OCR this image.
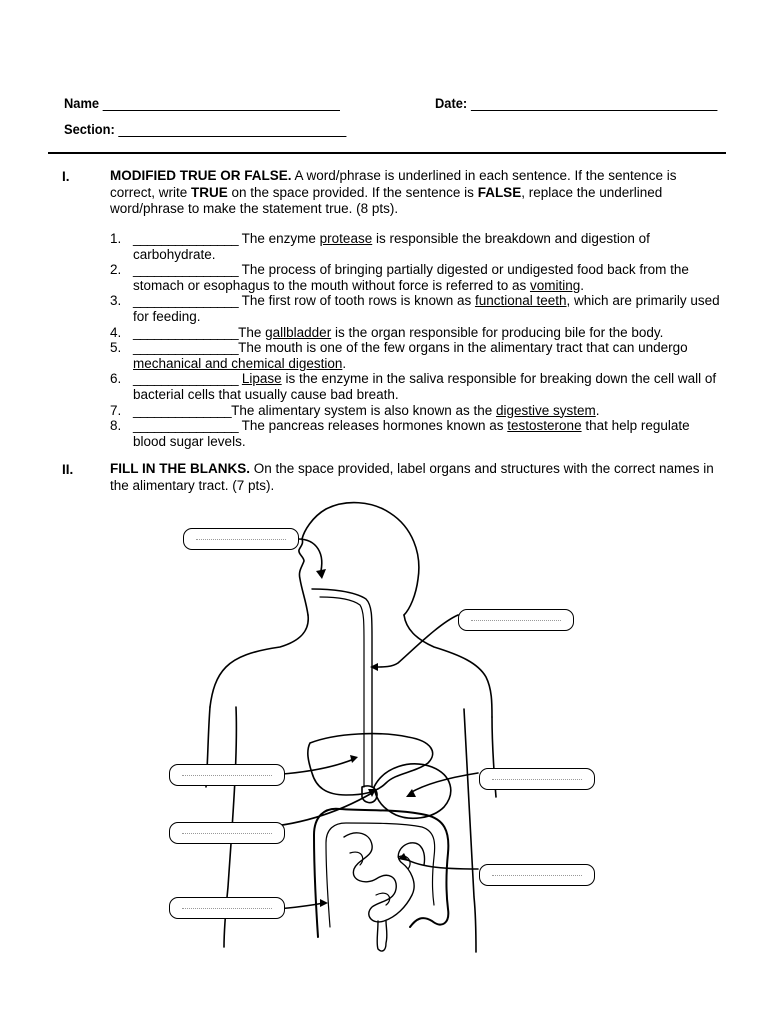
Name	Date:
Section:
I.	MODIFIED TRUE OR FALSE. A word/phrase is underlined in each sentence. If the sentence is correct, write TRUE on the space provided. If the sentence is FALSE, replace the underlined word/phrase to make the statement true. (8 pts).
1. _______________ The enzyme protease is responsible the breakdown and digestion of carbohydrate.
2. _______________ The process of bringing partially digested or undigested food back from the stomach or esophagus to the mouth without force is referred to as vomiting.
3. _______________ The first row of tooth rows is known as functional teeth, which are primarily used for feeding.
4. _______________The gallbladder is the organ responsible for producing bile for the body.
5. _______________The mouth is one of the few organs in the alimentary tract that can undergo mechanical and chemical digestion.
6. _______________ Lipase is the enzyme in the saliva responsible for breaking down the cell wall of bacterial cells that usually cause bad breath.
7. ______________The alimentary system is also known as the digestive system.
8. _______________ The pancreas releases hormones known as testosterone that help regulate blood sugar levels.
II.	FILL IN THE BLANKS. On the space provided, label organs and structures with the correct names in the alimentary tract. (7 pts).
